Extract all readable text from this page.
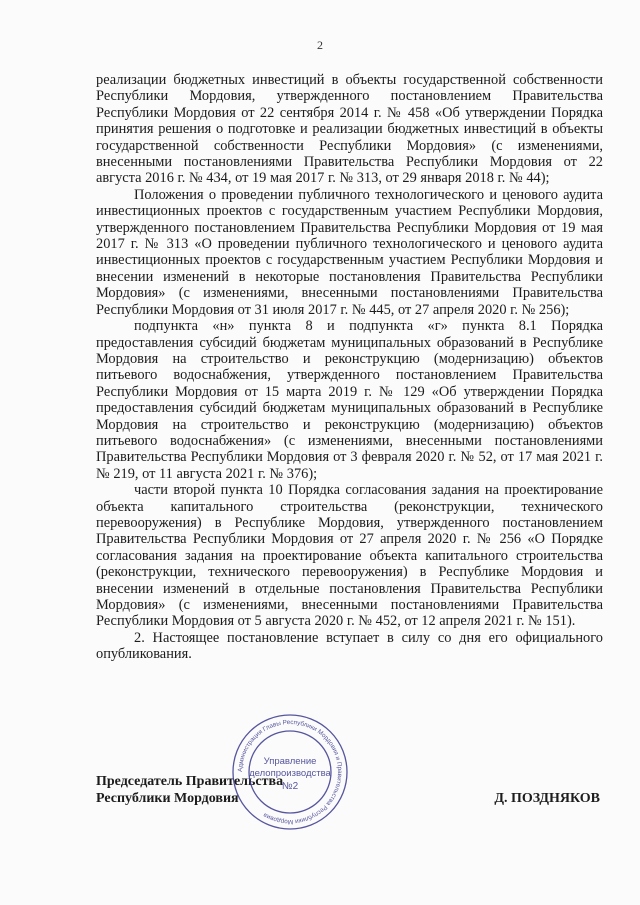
2

реализации бюджетных инвестиций в объекты государственной собственности Республики Мордовия, утвержденного постановлением Правительства Республики Мордовия от 22 сентября 2014 г. № 458 «Об утверждении Порядка принятия решения о подготовке и реализации бюджетных инвестиций в объекты государственной собственности Республики Мордовия» (с изменениями, внесенными постановлениями Правительства Республики Мордовия от 22 августа 2016 г. № 434, от 19 мая 2017 г. № 313, от 29 января 2018 г. № 44);

Положения о проведении публичного технологического и ценового аудита инвестиционных проектов с государственным участием Республики Мордовия, утвержденного постановлением Правительства Республики Мордовия от 19 мая 2017 г. № 313 «О проведении публичного технологического и ценового аудита инвестиционных проектов с государственным участием Республики Мордовия и внесении изменений в некоторые постановления Правительства Республики Мордовия» (с изменениями, внесенными постановлениями Правительства Республики Мордовия от 31 июля 2017 г. № 445, от 27 апреля 2020 г. № 256);

подпункта «н» пункта 8 и подпункта «г» пункта 8.1 Порядка предоставления субсидий бюджетам муниципальных образований в Республике Мордовия на строительство и реконструкцию (модернизацию) объектов питьевого водоснабжения, утвержденного постановлением Правительства Республики Мордовия от 15 марта 2019 г. № 129 «Об утверждении Порядка предоставления субсидий бюджетам муниципальных образований в Республике Мордовия на строительство и реконструкцию (модернизацию) объектов питьевого водоснабжения» (с изменениями, внесенными постановлениями Правительства Республики Мордовия от 3 февраля 2020 г. № 52, от 17 мая 2021 г. № 219, от 11 августа 2021 г. № 376);

части второй пункта 10 Порядка согласования задания на проектирование объекта капитального строительства (реконструкции, технического перевооружения) в Республике Мордовия, утвержденного постановлением Правительства Республики Мордовия от 27 апреля 2020 г. № 256 «О Порядке согласования задания на проектирование объекта капитального строительства (реконструкции, технического перевооружения) в Республике Мордовия и внесении изменений в отдельные постановления Правительства Республики Мордовия» (с изменениями, внесенными постановлениями Правительства Республики Мордовия от 5 августа 2020 г. № 452, от 12 апреля 2021 г. № 151).

2. Настоящее постановление вступает в силу со дня его официального опубликования.

Председатель Правительства
Республики Мордовия	Д. ПОЗДНЯКОВ
Администрация Главы Республики Мордовия и Правительства Республики Мордовия
Управление
делопроизводства
№2
